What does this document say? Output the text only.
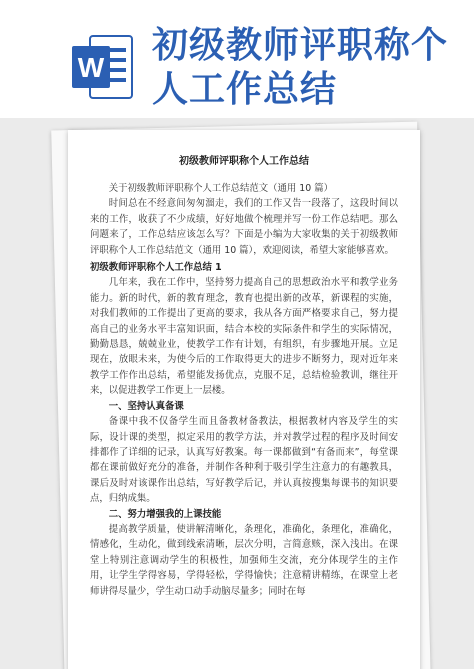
W
初级教师评职称个
人工作总结
初级教师评职称个人工作总结
关于初级教师评职称个人工作总结范文（通用 10 篇）
时间总在不经意间匆匆溜走，我们的工作又告一段落了，这段时间以来的工作，收获了不少成绩，好好地做个梳理并写一份工作总结吧。那么问题来了，工作总结应该怎么写？下面是小编为大家收集的关于初级教师评职称个人工作总结范文（通用 10 篇），欢迎阅读，希望大家能够喜欢。
初级教师评职称个人工作总结 1
几年来，我在工作中，坚持努力提高自己的思想政治水平和教学业务能力。新的时代，新的教育理念，教育也提出新的改革，新课程的实施，对我们教师的工作提出了更高的要求，我从各方面严格要求自己，努力提高自己的业务水平丰富知识面，结合本校的实际条件和学生的实际情况，勤勤恳恳，兢兢业业，使教学工作有计划，有组织，有步骤地开展。立足现在，放眼未来，为使今后的工作取得更大的进步不断努力，现对近年来教学工作作出总结，希望能发扬优点，克服不足，总结检验教训，继往开来，以促进教学工作更上一层楼。
一、坚持认真备课
备课中我不仅备学生而且备教材备教法，根据教材内容及学生的实际，设计课的类型，拟定采用的教学方法，并对教学过程的程序及时间安排都作了详细的记录，认真写好教案。每一课都做到“有备而来”，每堂课都在课前做好充分的准备，并制作各种利于吸引学生注意力的有趣教具，课后及时对该课作出总结，写好教学后记，并认真按搜集每课书的知识要点，归纳成集。
二、努力增强我的上课技能
提高教学质量，使讲解清晰化，条理化，准确化，条理化，准确化，情感化，生动化，做到线索清晰，层次分明，言简意赅，深入浅出。在课堂上特别注意调动学生的积极性，加强师生交流，充分体现学生的主作用，让学生学得容易，学得轻松，学得愉快；注意精讲精练，在课堂上老师讲得尽量少，学生动口动手动脑尽量多；同时在每
